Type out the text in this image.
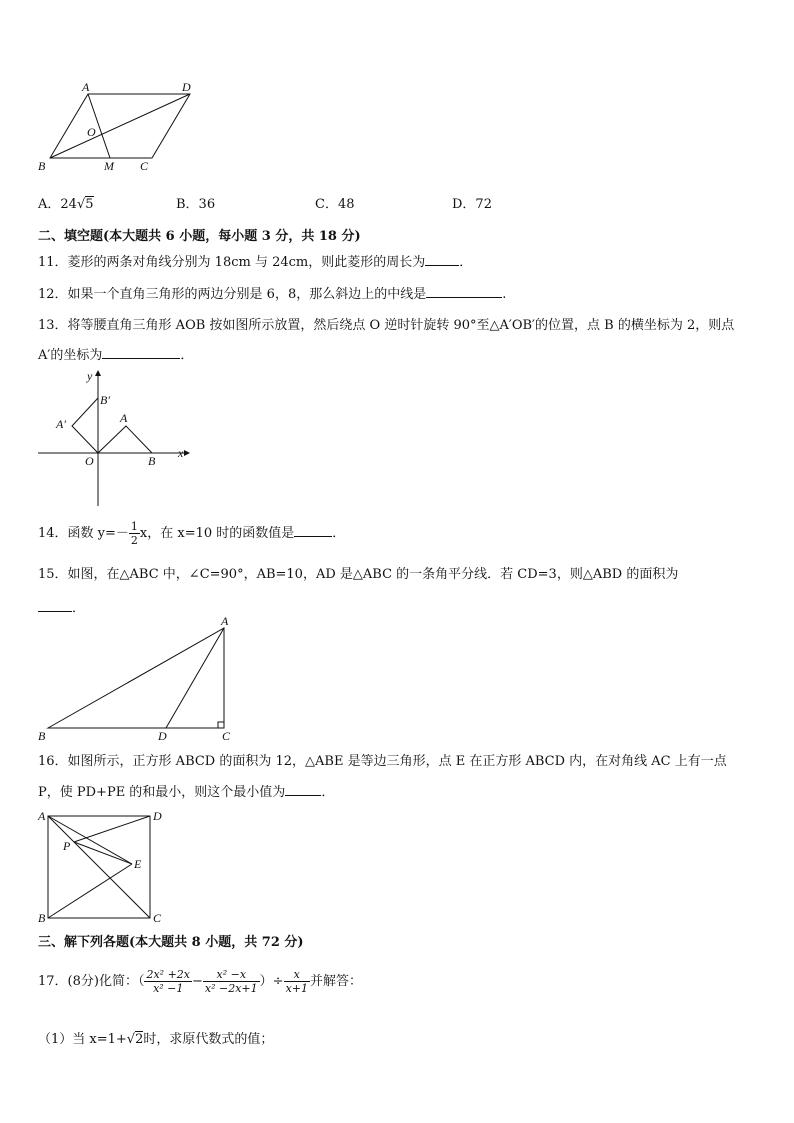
A	D
O
B	M C
A．24√5	B．36	C．48	D．72
二、填空题(本大题共 6 小题，每小题 3 分，共 18 分)
11．菱形的两条对角线分别为 18cm 与 24cm，则此菱形的周长为	．
12．如果一个直角三角形的两边分别是 6，8，那么斜边上的中线是	.
13．将等腰直角三角形 AOB 按如图所示放置，然后绕点 O 逆时针旋转 90°至△A′OB′的位置，点 B 的横坐标为 2，则点
A′的坐标为	．
y
x
O
A
B
A′
B′
14．函数 $y=- \frac{1}{2}$ x，在 x=10 时的函数值是	．
15．如图，在△ABC 中，∠C=90°，AB=10，AD 是△ABC 的一条角平分线．若 CD=3，则△ABD 的面积为
．
A
B	D	C
16．如图所示，正方形 ABCD 的面积为 12，△ABE 是等边三角形，点 E 在正方形 ABCD 内，在对角线 AC 上有一点
P，使 PD+PE 的和最小，则这个最小值为	．
A	D
P
E
B	C
三、解下列各题(本大题共 8 小题，共 72 分)
17．(8分)化简：（ $\frac{\text{2x² +2x}}{\text{x² −1}} - \frac{\text{x² −x}}{\text{x² −2x+1}}$ ）÷ $\frac{x}{x+1}$ 并解答：
（1）当 x=1+√2时，求原代数式的值；
